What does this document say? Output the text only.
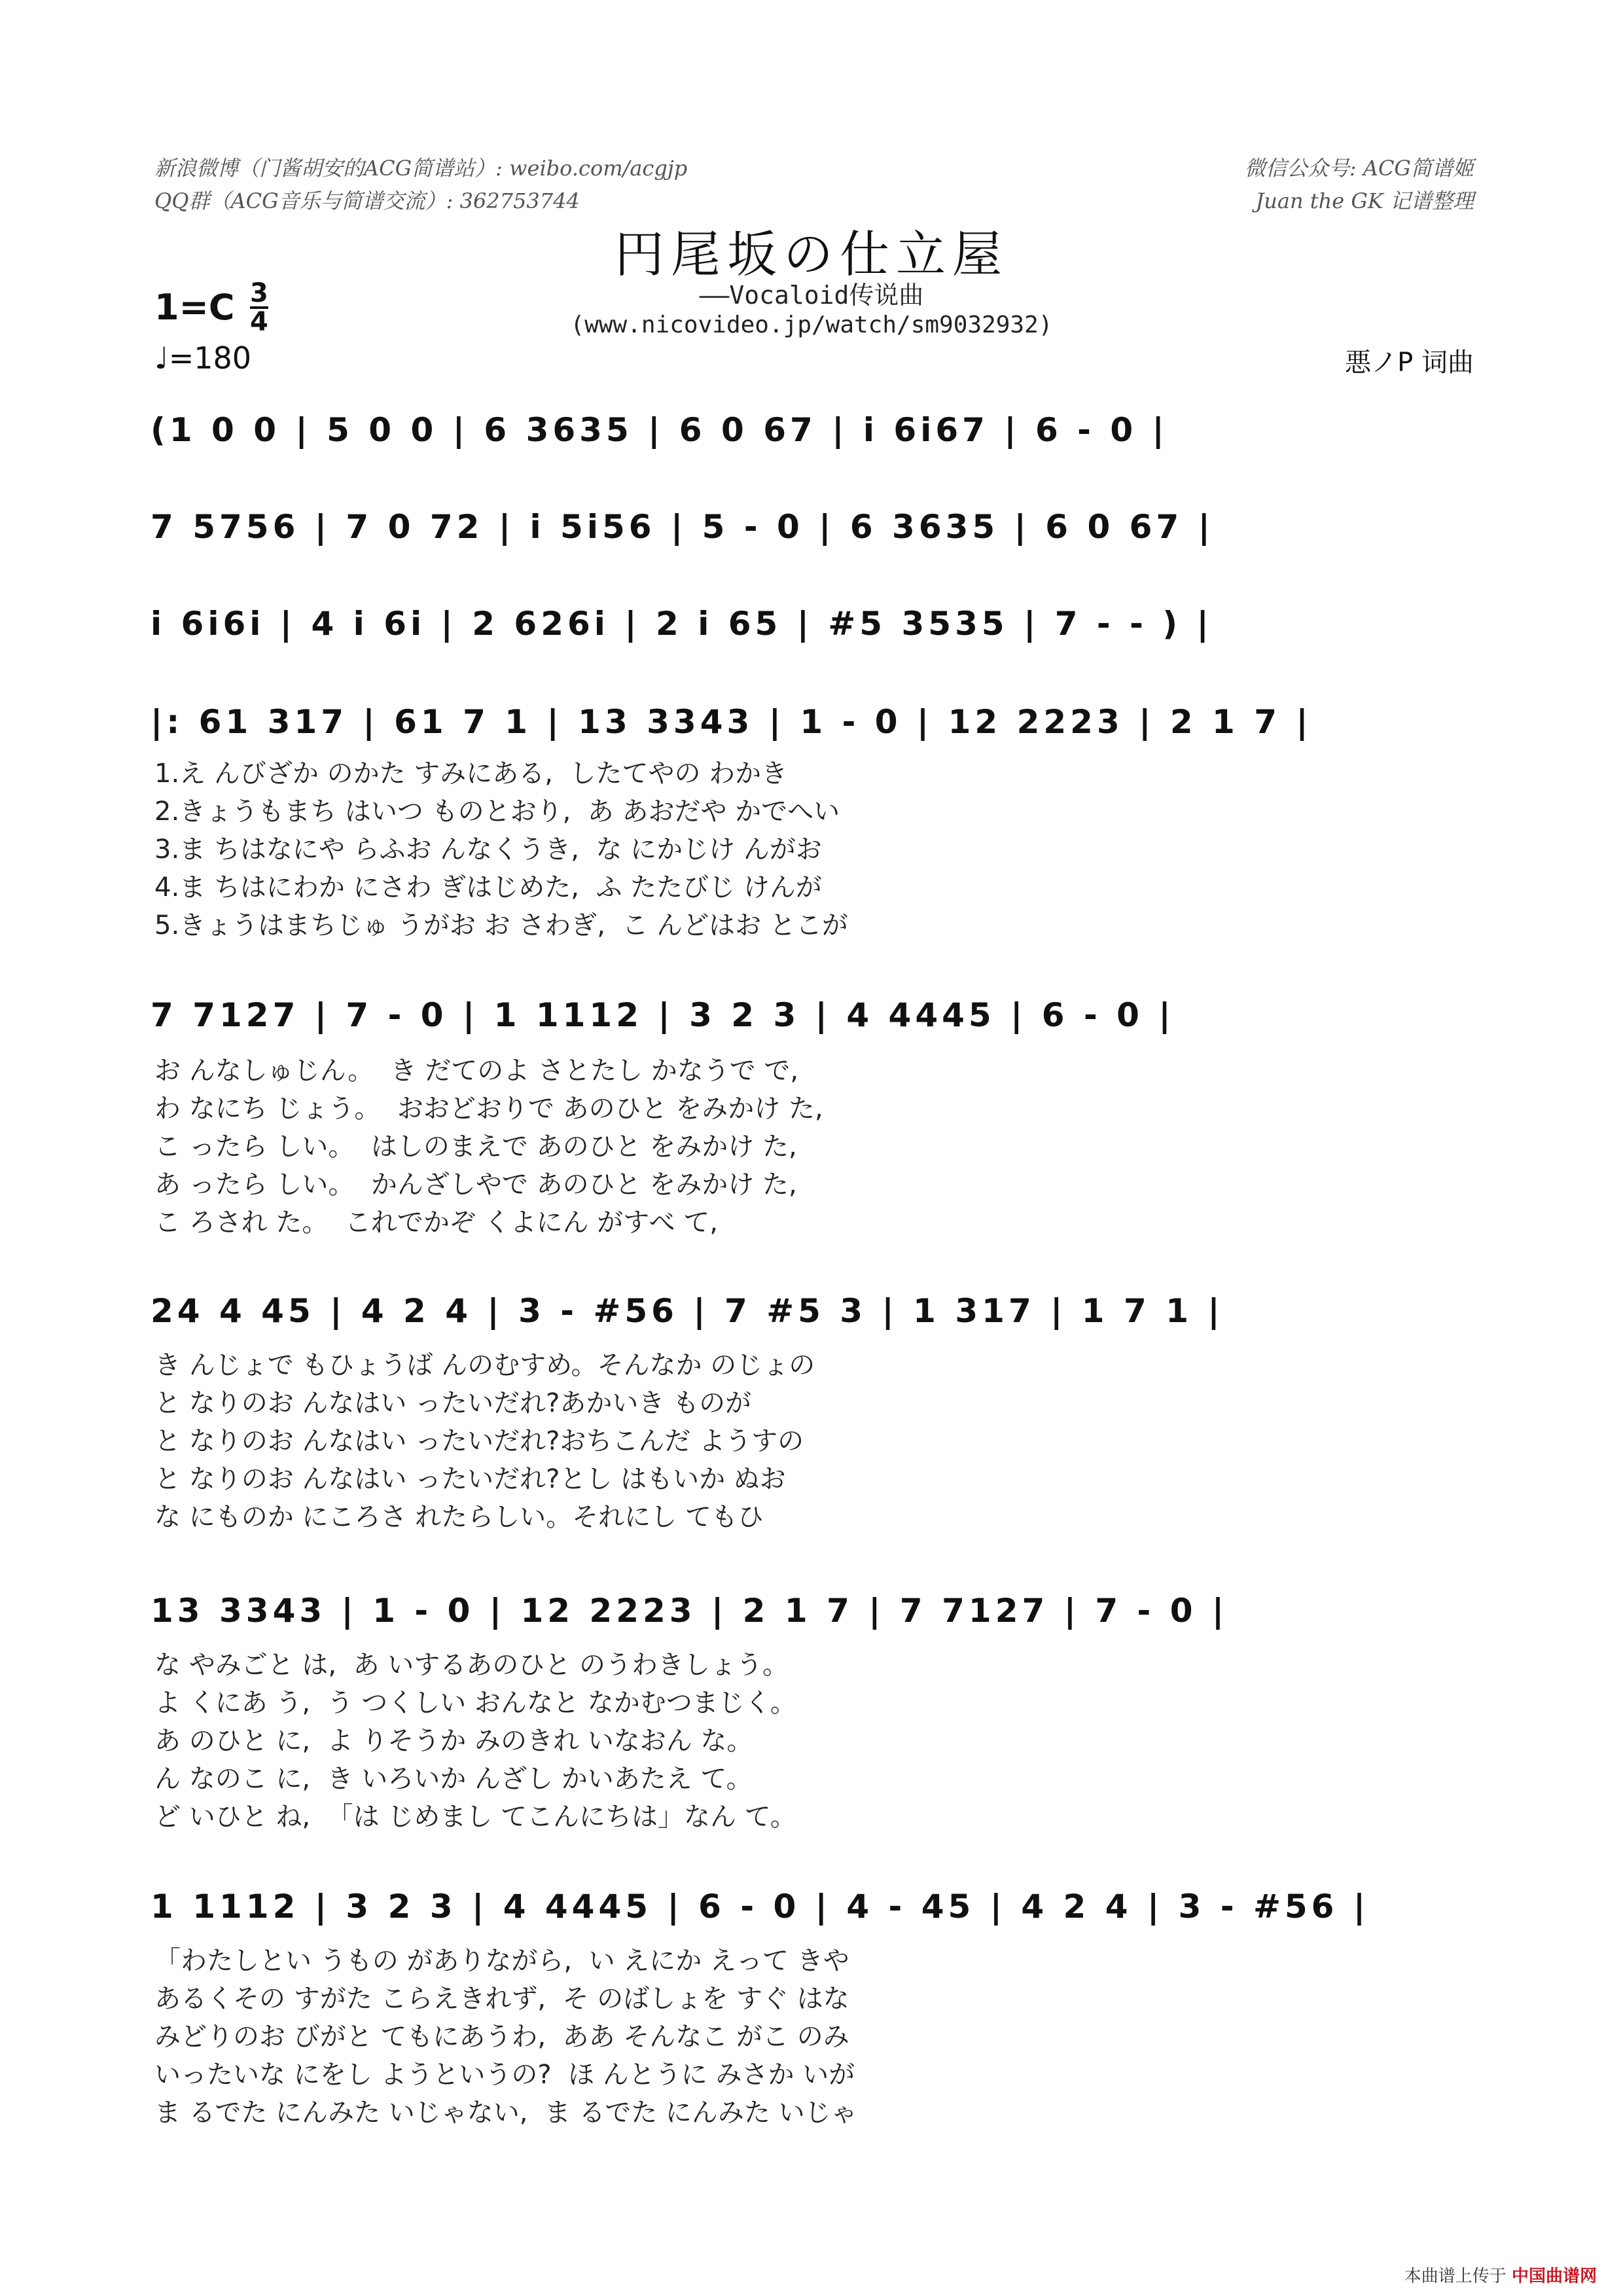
新浪微博（门酱胡安的ACG简谱站）: weibo.com/acgjp
QQ群（ACG音乐与简谱交流）: 362753744
微信公众号: ACG简谱姬
Juan the GK 记谱整理
円尾坂の仕立屋
——Vocaloid传说曲
(www.nicovideo.jp/watch/sm9032932)
1=C 3
4
♩=180	悪ノP 词曲
(1 0 0 | 5 0 0 | 6 3635 | 6 0 67 | i 6i67 | 6 - 0 |
7 5756 | 7 0 72 | i 5i56 | 5 - 0 | 6 3635 | 6 0 67 |
i 6i6i | 4 i 6i | 2 626i | 2 i 65 | #5 3535 | 7 - - ) |
|: 61 317 | 61 7 1 | 13 3343 | 1 - 0 | 12 2223 | 2 1 7 |
1.え んびざか のかた すみにある,  したてやの わかき
2.きょうもまち はいつ ものとおり,  あ あおだや かでへい
3.ま ちはなにや らふお んなくうき,  な にかじけ んがお
4.ま ちはにわか にさわ ぎはじめた,  ふ たたびじ けんが
5.きょうはまちじゅ うがお お さわぎ,  こ んどはお とこが
7 7127 | 7 - 0 | 1 1112 | 3 2 3 | 4 4445 | 6 - 0 |
お んなしゅじん。  き だてのよ さとたし かなうで で,
わ なにち じょう。  おおどおりで あのひと をみかけ た,
こ ったら しい。  はしのまえで あのひと をみかけ た,
あ ったら しい。  かんざしやで あのひと をみかけ た,
こ ろされ た。  これでかぞ くよにん がすべ て,
24 4 45 | 4 2 4 | 3 - #56 | 7 #5 3 | 1 317 | 1 7 1 |
き んじょで もひょうば んのむすめ。そんなか のじょの
と なりのお んなはい ったいだれ?あかいき ものが
と なりのお んなはい ったいだれ?おちこんだ ようすの
と なりのお んなはい ったいだれ?とし はもいか ぬお
な にものか にころさ れたらしい。それにし てもひ
13 3343 | 1 - 0 | 12 2223 | 2 1 7 | 7 7127 | 7 - 0 |
な やみごと は,  あ いするあのひと のうわきしょう。
よ くにあ う,  う つくしい おんなと なかむつまじく。
あ のひと に,  よ りそうか みのきれ いなおん な。
ん なのこ に,  き いろいか んざし かいあたえ て。
ど いひと ね,  「は じめまし てこんにちは」なん て。
1 1112 | 3 2 3 | 4 4445 | 6 - 0 | 4 - 45 | 4 2 4 | 3 - #56 |
「わたしとい うもの がありながら,  い えにか えって きや
あるくその すがた こらえきれず,  そ のばしょを すぐ はな
みどりのお びがと てもにあうわ,  ああ そんなこ がこ のみ
いったいな にをし ようというの?  ほ んとうに みさか いが
ま るでた にんみた いじゃない,  ま るでた にんみた いじゃ
本曲谱上传于 中国曲谱网
